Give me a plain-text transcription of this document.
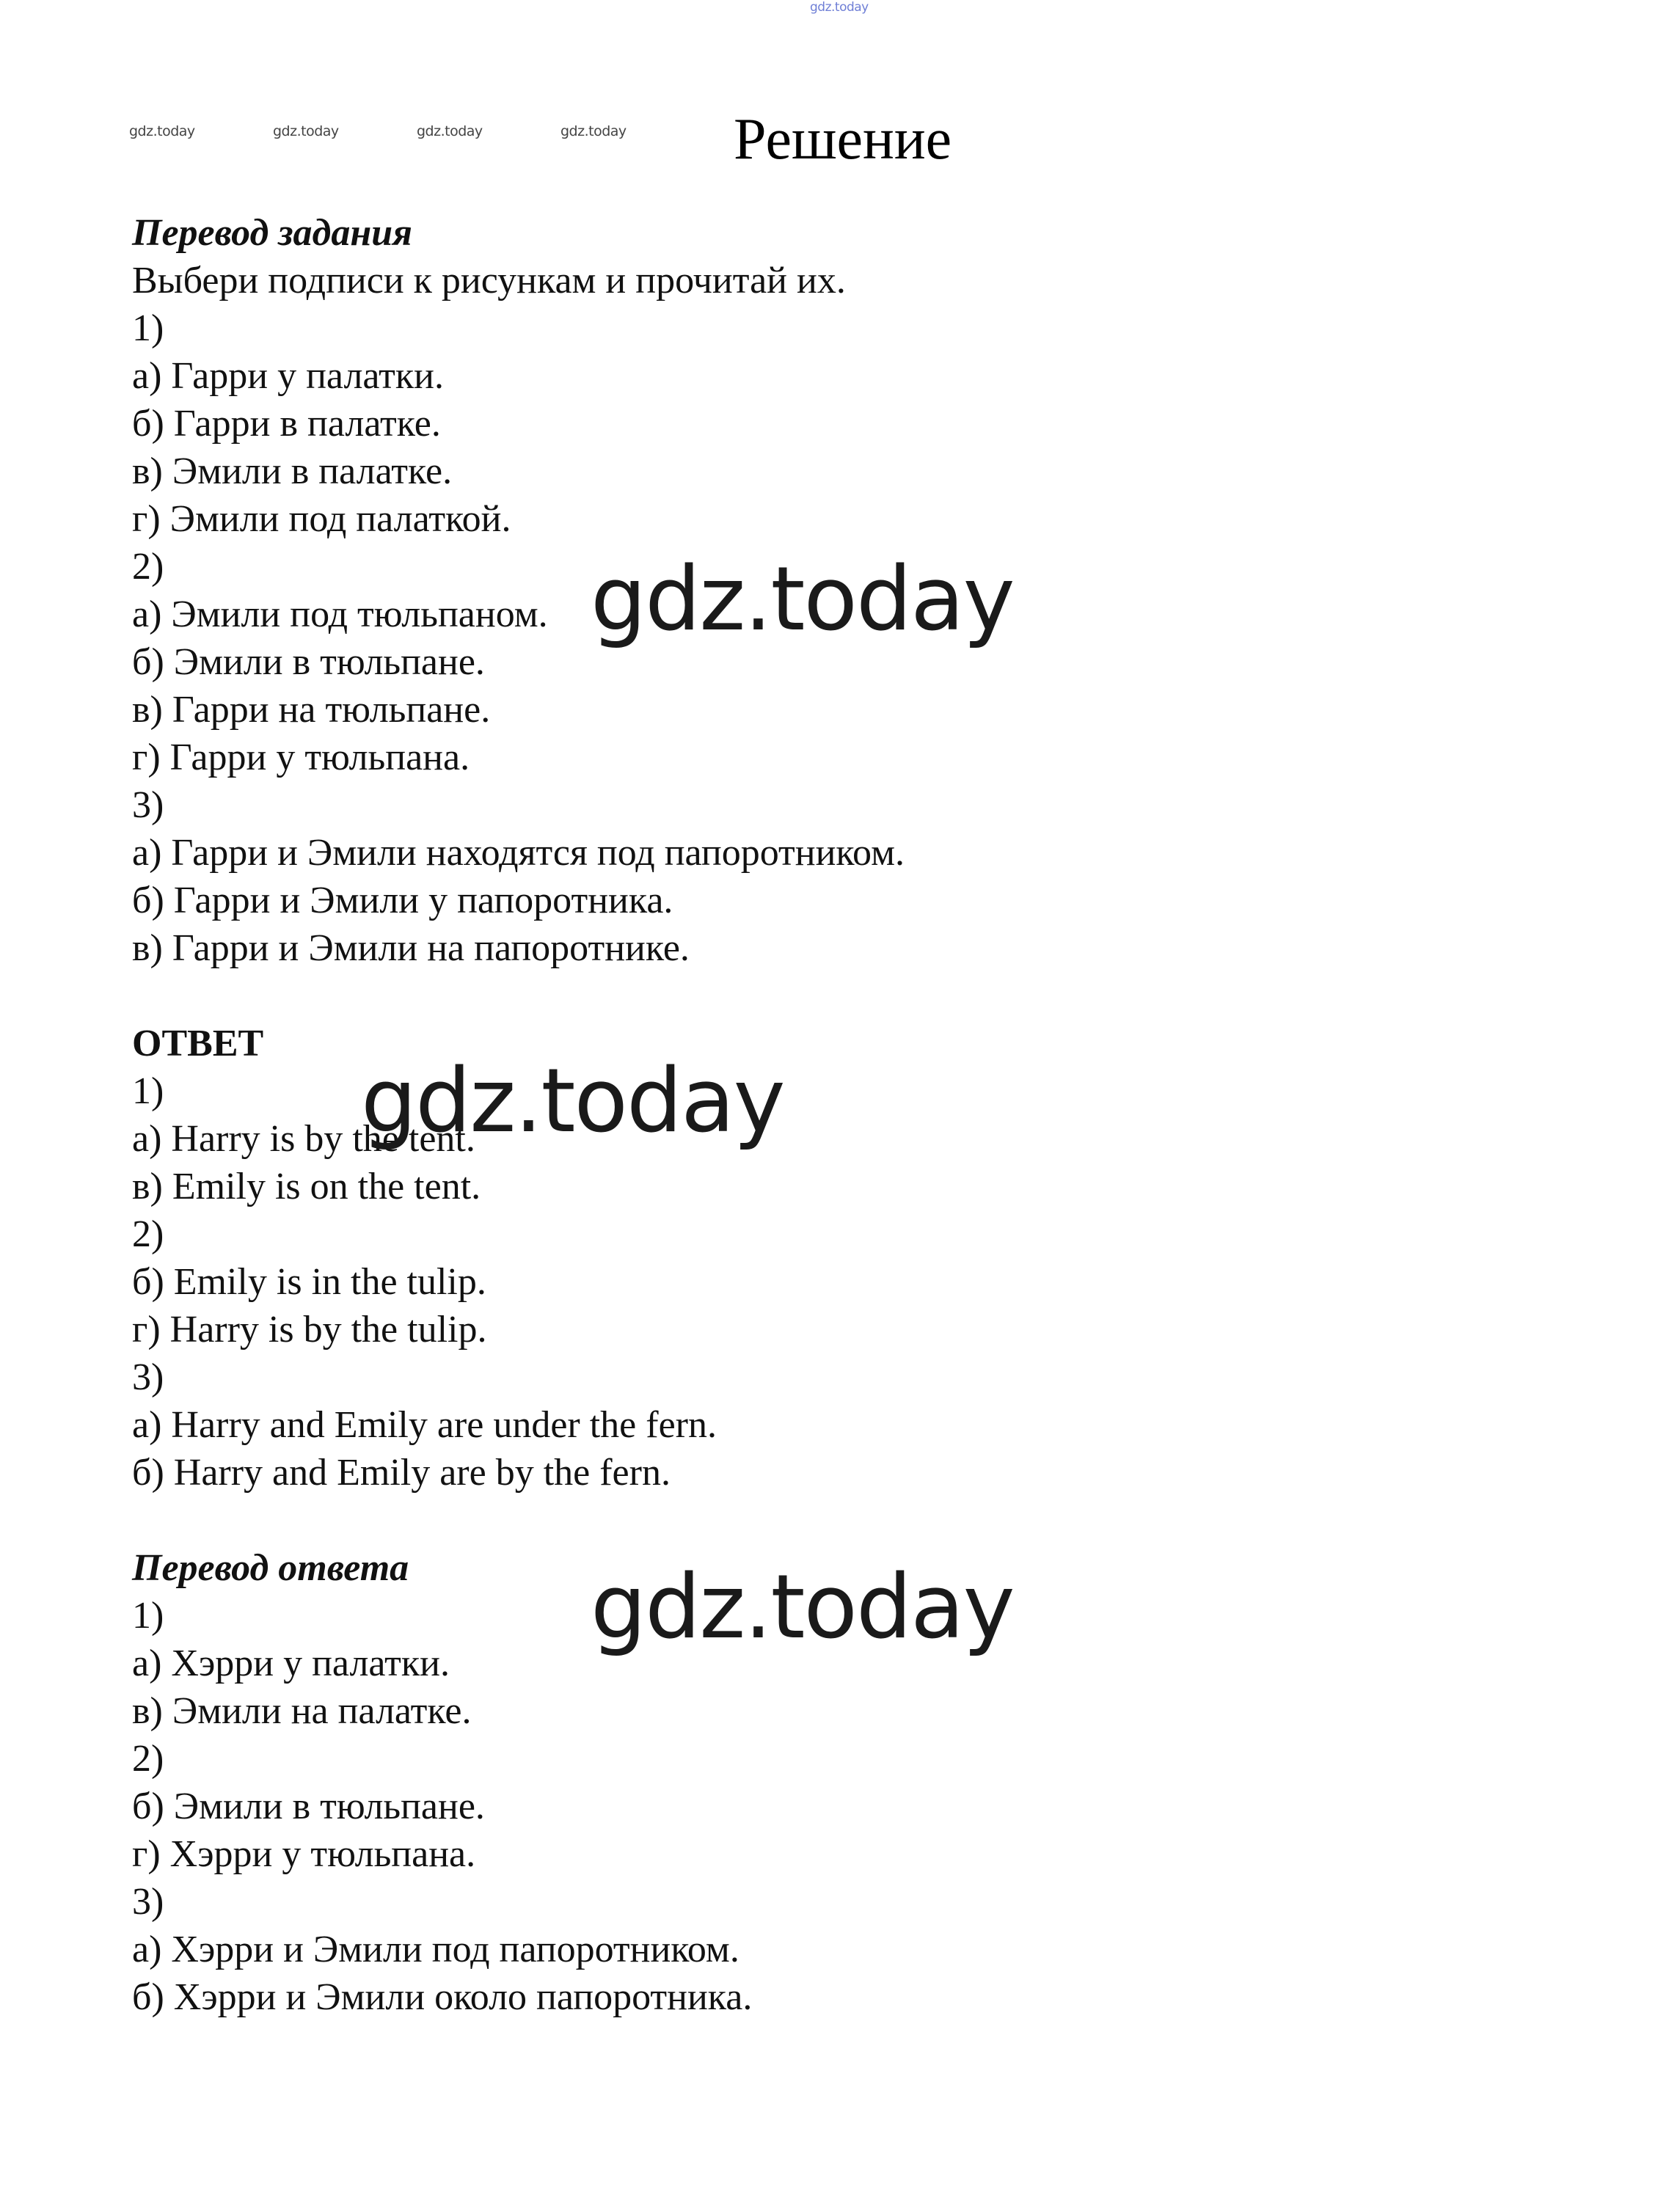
gdz.today
gdz.today	gdz.today	gdz.today	gdz.today Решение
Перевод задания
Выбери подписи к рисункам и прочитай их.
1)
а) Гарри у палатки.
б) Гарри в палатке.
в) Эмили в палатке.
г) Эмили под палаткой.
2)
а) Эмили под тюльпаном.
б) Эмили в тюльпане.
в) Гарри на тюльпане.
г) Гарри у тюльпана.
3)
а) Гарри и Эмили находятся под папоротником.
б) Гарри и Эмили у папоротника.
в) Гарри и Эмили на папоротнике.
ОТВЕТ
1)
а) Harry is by the tent.
в) Emily is on the tent.
2)
б) Emily is in the tulip.
г) Harry is by the tulip.
3)
а) Harry and Emily are under the fern.
б) Harry and Emily are by the fern.
Перевод ответа
1)
а) Хэрри у палатки.
в) Эмили на палатке.
2)
б) Эмили в тюльпане.
г) Хэрри у тюльпана.
3)
а) Хэрри и Эмили под папоротником.
б) Хэрри и Эмили около папоротника.
gdz.today
gdz.today
gdz.today
